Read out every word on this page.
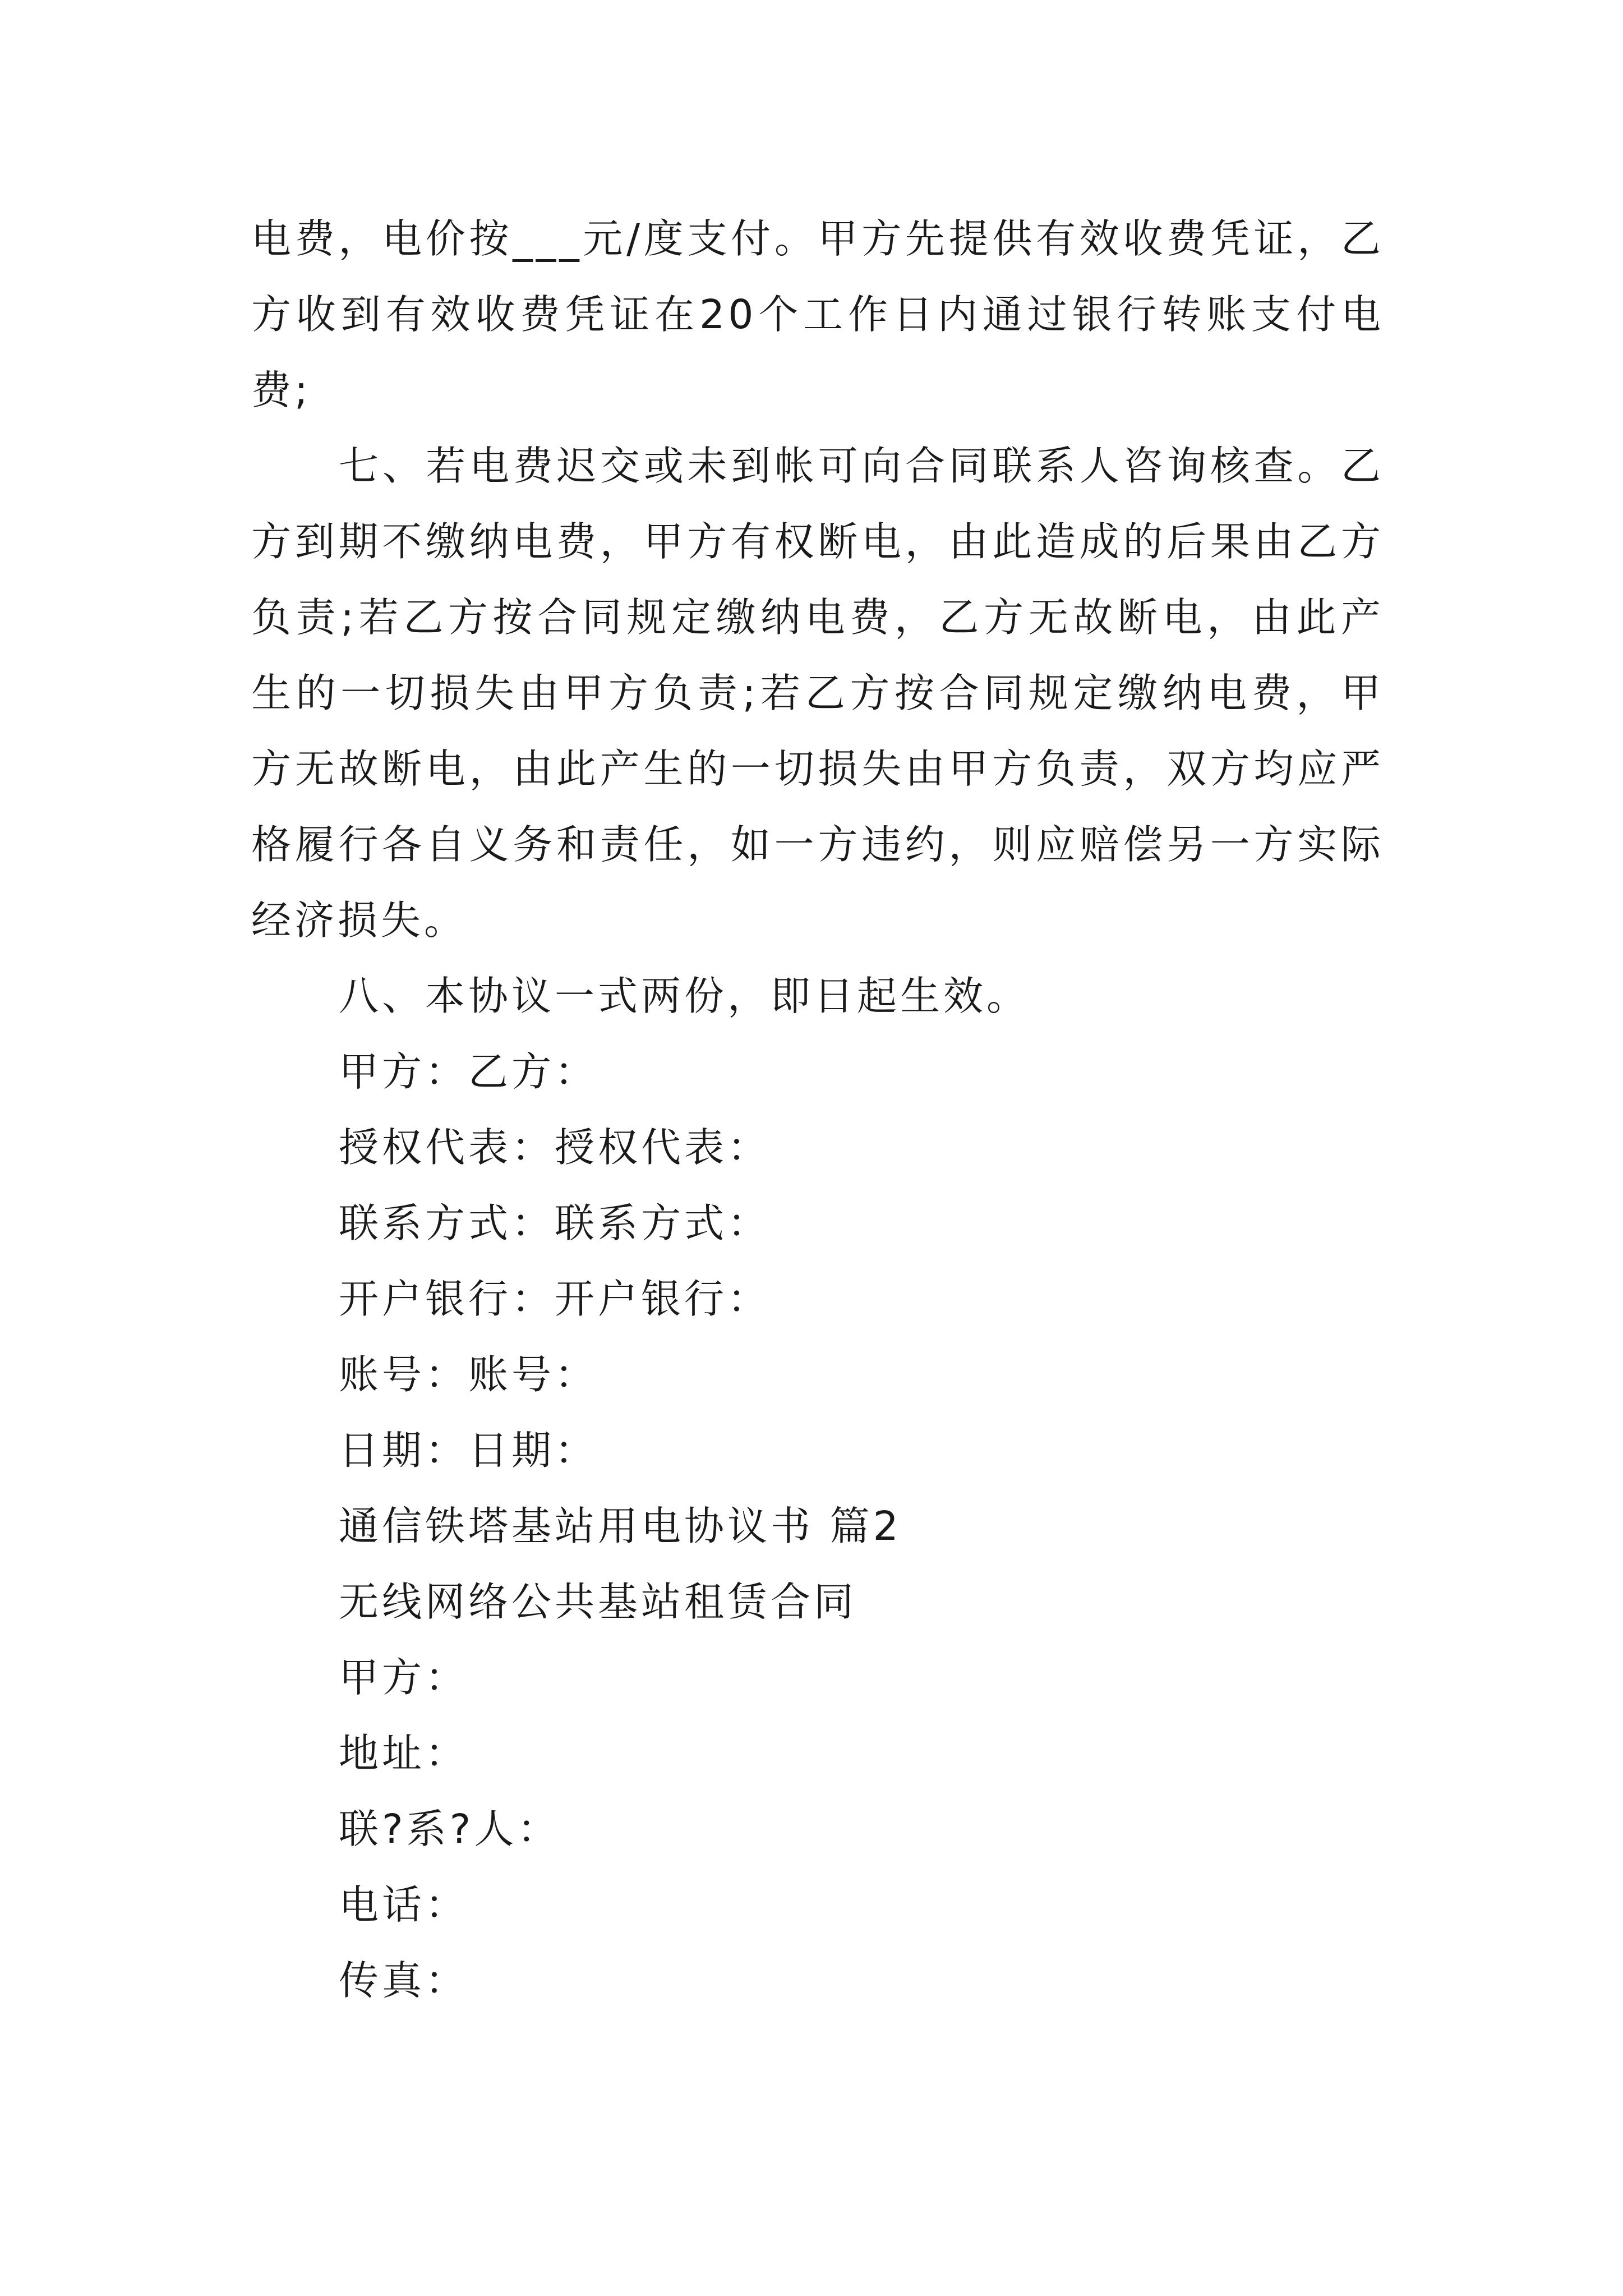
电费，电价按___元/度支付。甲方先提供有效收费凭证，乙方收到有效收费凭证在20个工作日内通过银行转账支付电费;

七、若电费迟交或未到帐可向合同联系人咨询核查。乙方到期不缴纳电费，甲方有权断电，由此造成的后果由乙方负责;若乙方按合同规定缴纳电费，乙方无故断电，由此产生的一切损失由甲方负责;若乙方按合同规定缴纳电费，甲方无故断电，由此产生的一切损失由甲方负责，双方均应严格履行各自义务和责任，如一方违约，则应赔偿另一方实际经济损失。

八、本协议一式两份，即日起生效。

甲方：乙方：

授权代表：授权代表：

联系方式：联系方式：

开户银行：开户银行：

账号：账号：

日期：日期：

通信铁塔基站用电协议书 篇2

无线网络公共基站租赁合同

甲方：

地址：

联?系?人：

电话：

传真：
